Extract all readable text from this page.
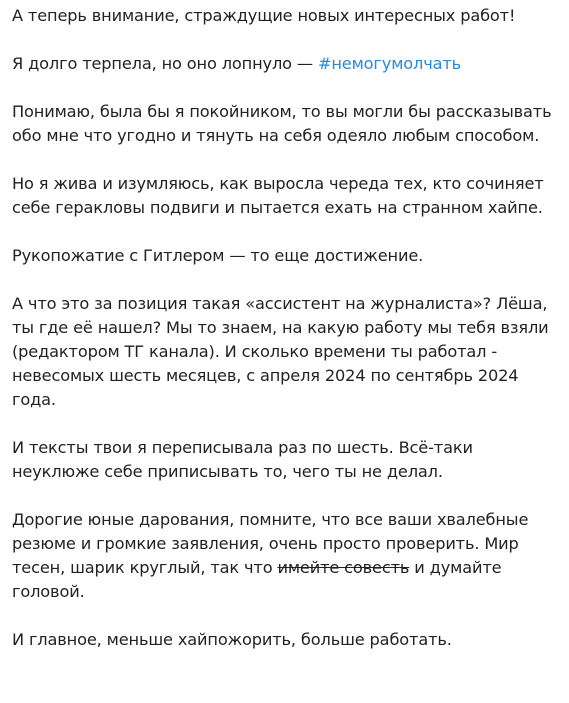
А теперь внимание, страждущие новых интересных работ!

Я долго терпела, но оно лопнуло — #немогумолчать

Понимаю, была бы я покойником, то вы могли бы рассказывать обо мне что угодно и тянуть на себя одеяло любым способом.

Но я жива и изумляюсь, как выросла череда тех, кто сочиняет себе геракловы подвиги и пытается ехать на странном хайпе.

Рукопожатие с Гитлером — то еще достижение.

А что это за позиция такая «ассистент на журналиста»? Лёша, ты где её нашел? Мы то знаем, на какую работу мы тебя взяли (редактором ТГ канала). И сколько времени ты работал - невесомых шесть месяцев, с апреля 2024 по сентябрь 2024 года.

И тексты твои я переписывала раз по шесть. Всё-таки неуклюже себе приписывать то, чего ты не делал.

Дорогие юные дарования, помните, что все ваши хвалебные резюме и громкие заявления, очень просто проверить. Мир тесен, шарик круглый, так что имейте совесть и думайте головой.

И главное, меньше хайпожорить, больше работать.
